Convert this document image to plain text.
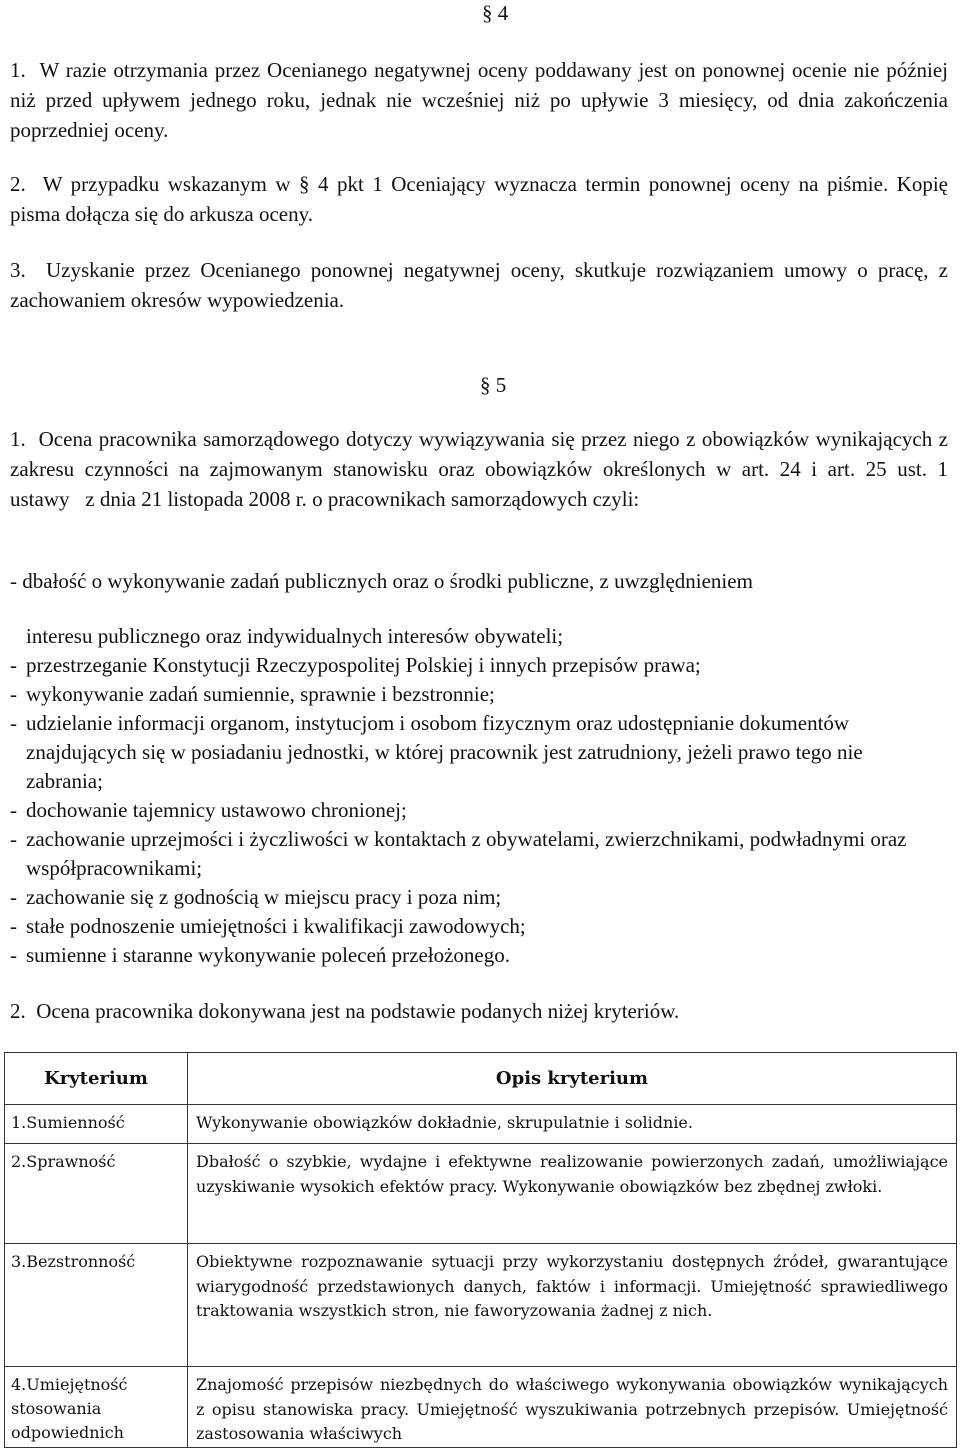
§ 4
1.  W razie otrzymania przez Ocenianego negatywnej oceny poddawany jest on ponownej ocenie nie później niż przed upływem jednego roku, jednak nie wcześniej niż po upływie 3 miesięcy, od dnia zakończenia poprzedniej oceny.
2.  W przypadku wskazanym w § 4 pkt 1 Oceniający wyznacza termin ponownej oceny na piśmie. Kopię pisma dołącza się do arkusza oceny.
3.  Uzyskanie przez Ocenianego ponownej negatywnej oceny, skutkuje rozwiązaniem umowy o pracę, z zachowaniem okresów wypowiedzenia.
§ 5
1.  Ocena pracownika samorządowego dotyczy wywiązywania się przez niego z obowiązków wynikających z zakresu czynności na zajmowanym stanowisku oraz obowiązków określonych w art. 24 i art. 25 ust. 1 ustawy   z dnia 21 listopada 2008 r. o pracownikach samorządowych czyli:
- dbałość o wykonywanie zadań publicznych oraz o środki publiczne, z uwzględnieniem
interesu publicznego oraz indywidualnych interesów obywateli;
- przestrzeganie Konstytucji Rzeczypospolitej Polskiej i innych przepisów prawa;
- wykonywanie zadań sumiennie, sprawnie i bezstronnie;
- udzielanie informacji organom, instytucjom i osobom fizycznym oraz udostępnianie dokumentów znajdujących się w posiadaniu jednostki, w której pracownik jest zatrudniony, jeżeli prawo tego nie zabrania;
- dochowanie tajemnicy ustawowo chronionej;
- zachowanie uprzejmości i życzliwości w kontaktach z obywatelami, zwierzchnikami, podwładnymi oraz współpracownikami;
- zachowanie się z godnością w miejscu pracy i poza nim;
- stałe podnoszenie umiejętności i kwalifikacji zawodowych;
- sumienne i staranne wykonywanie poleceń przełożonego.
2.  Ocena pracownika dokonywana jest na podstawie podanych niżej kryteriów.
Kryterium	Opis kryterium

1.Sumienność	Wykonywanie obowiązków dokładnie, skrupulatnie i solidnie.

2.Sprawność	Dbałość o szybkie, wydajne i efektywne realizowanie powierzonych zadań, umożliwiające uzyskiwanie wysokich efektów pracy. Wykonywanie obowiązków bez zbędnej zwłoki.

3.Bezstronność	Obiektywne rozpoznawanie sytuacji przy wykorzystaniu dostępnych źródeł, gwarantujące wiarygodność przedstawionych danych, faktów i informacji. Umiejętność sprawiedliwego traktowania wszystkich stron, nie faworyzowania żadnej z nich.

4.Umiejętność stosowania odpowiednich	Znajomość przepisów niezbędnych do właściwego wykonywania obowiązków wynikających z opisu stanowiska pracy. Umiejętność wyszukiwania potrzebnych przepisów. Umiejętność zastosowania właściwych
